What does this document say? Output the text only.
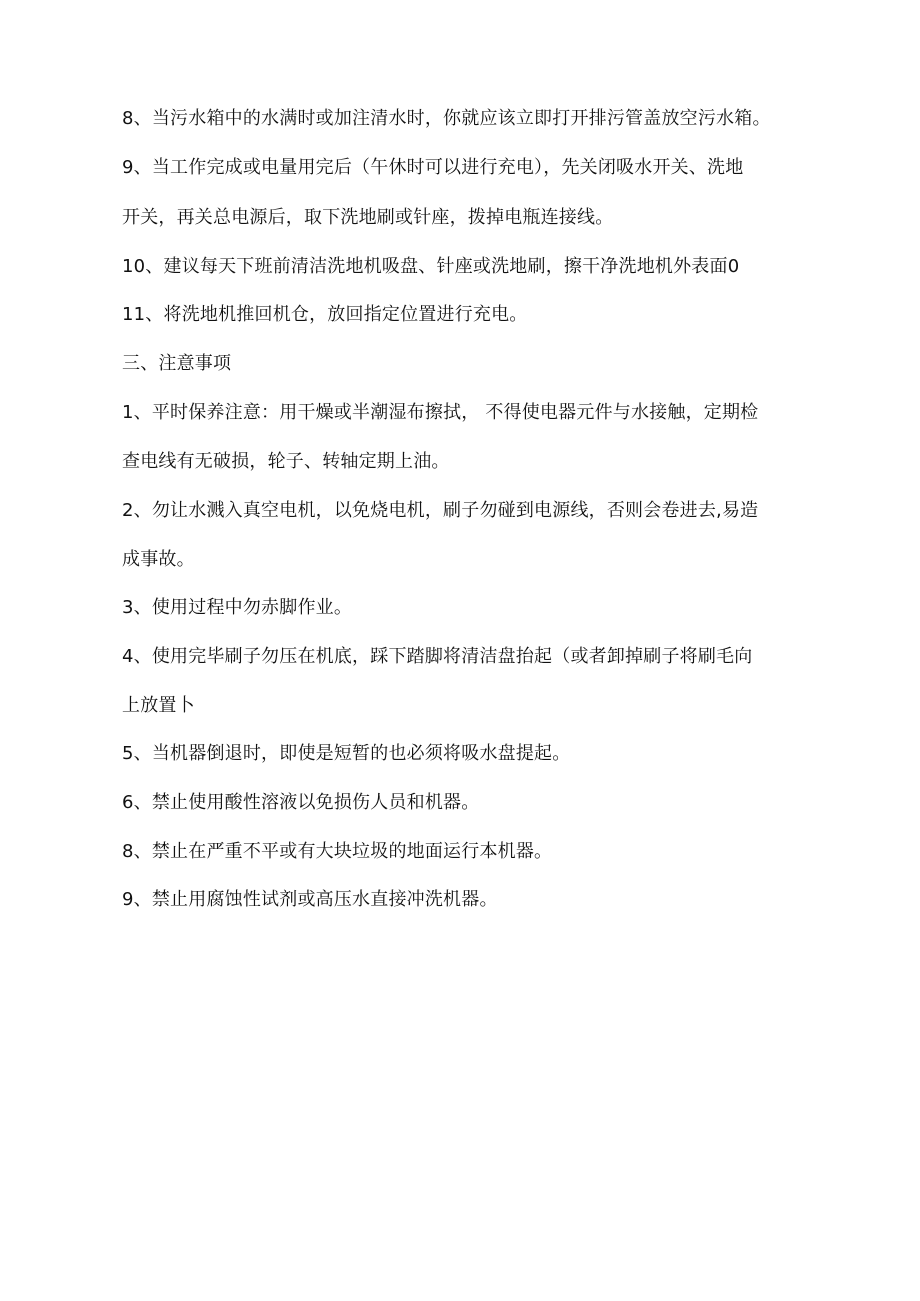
8、当污水箱中的水满时或加注清水时，你就应该立即打开排污管盖放空污水箱。
9、当工作完成或电量用完后（午休时可以进行充电），先关闭吸水开关、洗地
开关，再关总电源后，取下洗地刷或针座，拨掉电瓶连接线。
10、建议每天下班前清洁洗地机吸盘、针座或洗地刷，擦干净洗地机外表面0
11、将洗地机推回机仓，放回指定位置进行充电。
三、注意事项
1、平时保养注意：用干燥或半潮湿布擦拭， 不得使电器元件与水接触，定期检
查电线有无破损，轮子、转轴定期上油。
2、勿让水溅入真空电机，以免烧电机，刷子勿碰到电源线，否则会卷进去,易造
成事故。
3、使用过程中勿赤脚作业。
4、使用完毕刷子勿压在机底，踩下踏脚将清洁盘抬起（或者卸掉刷子将刷毛向
上放置卜
5、当机器倒退时，即使是短暂的也必须将吸水盘提起。
6、禁止使用酸性溶液以免损伤人员和机器。
8、禁止在严重不平或有大块垃圾的地面运行本机器。
9、禁止用腐蚀性试剂或高压水直接冲洗机器。
